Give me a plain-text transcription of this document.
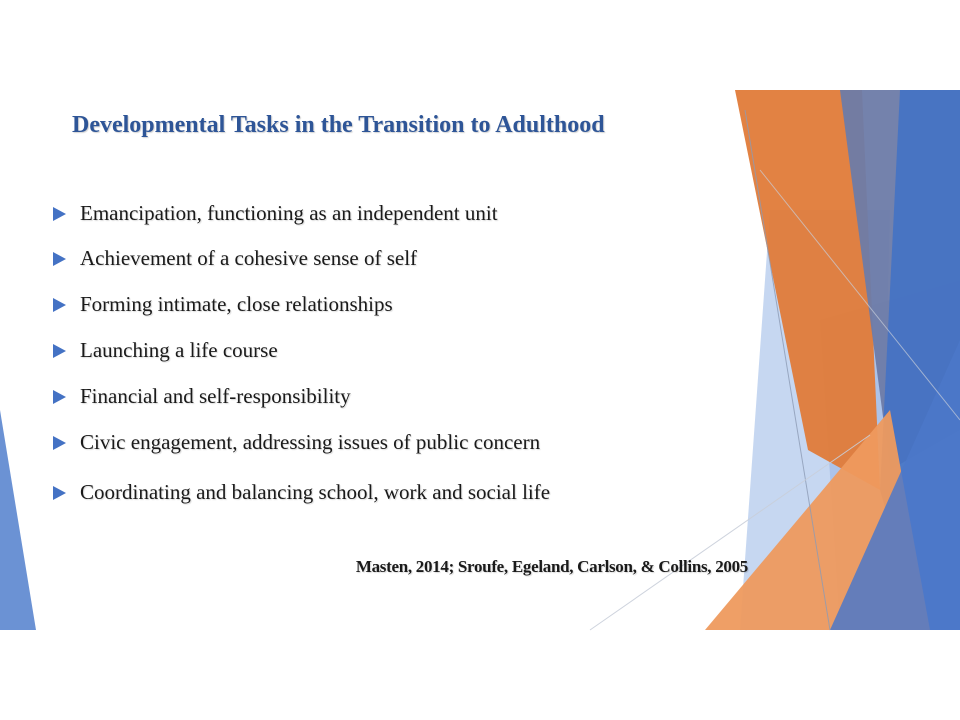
Developmental Tasks in the Transition to Adulthood
Emancipation, functioning as an independent unit
Achievement of a cohesive sense of self
Forming intimate, close relationships
Launching a life course
Financial and self-responsibility
Civic engagement, addressing issues of public concern
Coordinating and balancing school, work and social life
Masten, 2014; Sroufe, Egeland, Carlson, & Collins, 2005
